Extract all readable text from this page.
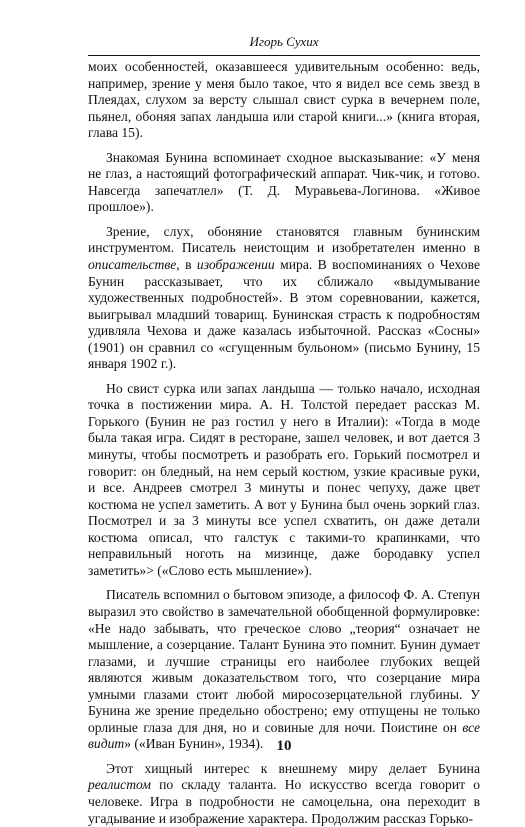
Игорь Сухих

моих особенностей, оказавшееся удивительным особенно: ведь, например, зрение у меня было такое, что я видел все семь звезд в Плеядах, слухом за версту слышал свист сурка в вечернем поле, пьянел, обоняя запах ландыша или старой книги...» (книга вторая, глава 15).

Знакомая Бунина вспоминает сходное высказывание: «У меня не глаз, а настоящий фотографический аппарат. Чик-чик, и готово. Навсегда запечатлел» (Т. Д. Муравьева-Логинова. «Живое прошлое»).

Зрение, слух, обоняние становятся главным бунинским инструментом. Писатель неистощим и изобретателен именно в описательстве, в изображении мира. В воспоминаниях о Чехове Бунин рассказывает, что их сближало «выдумывание художественных подробностей». В этом соревновании, кажется, выигрывал младший товарищ. Бунинская страсть к подробностям удивляла Чехова и даже казалась избыточной. Рассказ «Сосны» (1901) он сравнил со «сгущенным бульоном» (письмо Бунину, 15 января 1902 г.).

Но свист сурка или запах ландыша — только начало, исходная точка в постижении мира. А. Н. Толстой передает рассказ М. Горького (Бунин не раз гостил у него в Италии): «Тогда в моде была такая игра. Сидят в ресторане, зашел человек, и вот дается 3 минуты, чтобы посмотреть и разобрать его. Горький посмотрел и говорит: он бледный, на нем серый костюм, узкие красивые руки, и все. Андреев смотрел 3 минуты и понес чепуху, даже цвет костюма не успел заметить. А вот у Бунина был очень зоркий глаз. Посмотрел и за 3 минуты все успел схватить, он даже детали костюма описал, что галстук с такими-то крапинками, что неправильный ноготь на мизинце, даже бородавку успел заметить»> («Слово есть мышление»).

Писатель вспомнил о бытовом эпизоде, а философ Ф. А. Степун выразил это свойство в замечательной обобщенной формулировке: «Не надо забывать, что греческое слово „теория“ означает не мышление, а созерцание. Талант Бунина это помнит. Бунин думает глазами, и лучшие страницы его наиболее глубоких вещей являются живым доказательством того, что созерцание мира умными глазами стоит любой миросозерцательной глубины. У Бунина же зрение предельно обострено; ему отпущены не только орлиные глаза для дня, но и совиные для ночи. Поистине он все видит» («Иван Бунин», 1934).

Этот хищный интерес к внешнему миру делает Бунина реалистом по складу таланта. Но искусство всегда говорит о человеке. Игра в подробности не самоцельна, она переходит в угадывание и изображение характера. Продолжим рассказ Горько-

10
